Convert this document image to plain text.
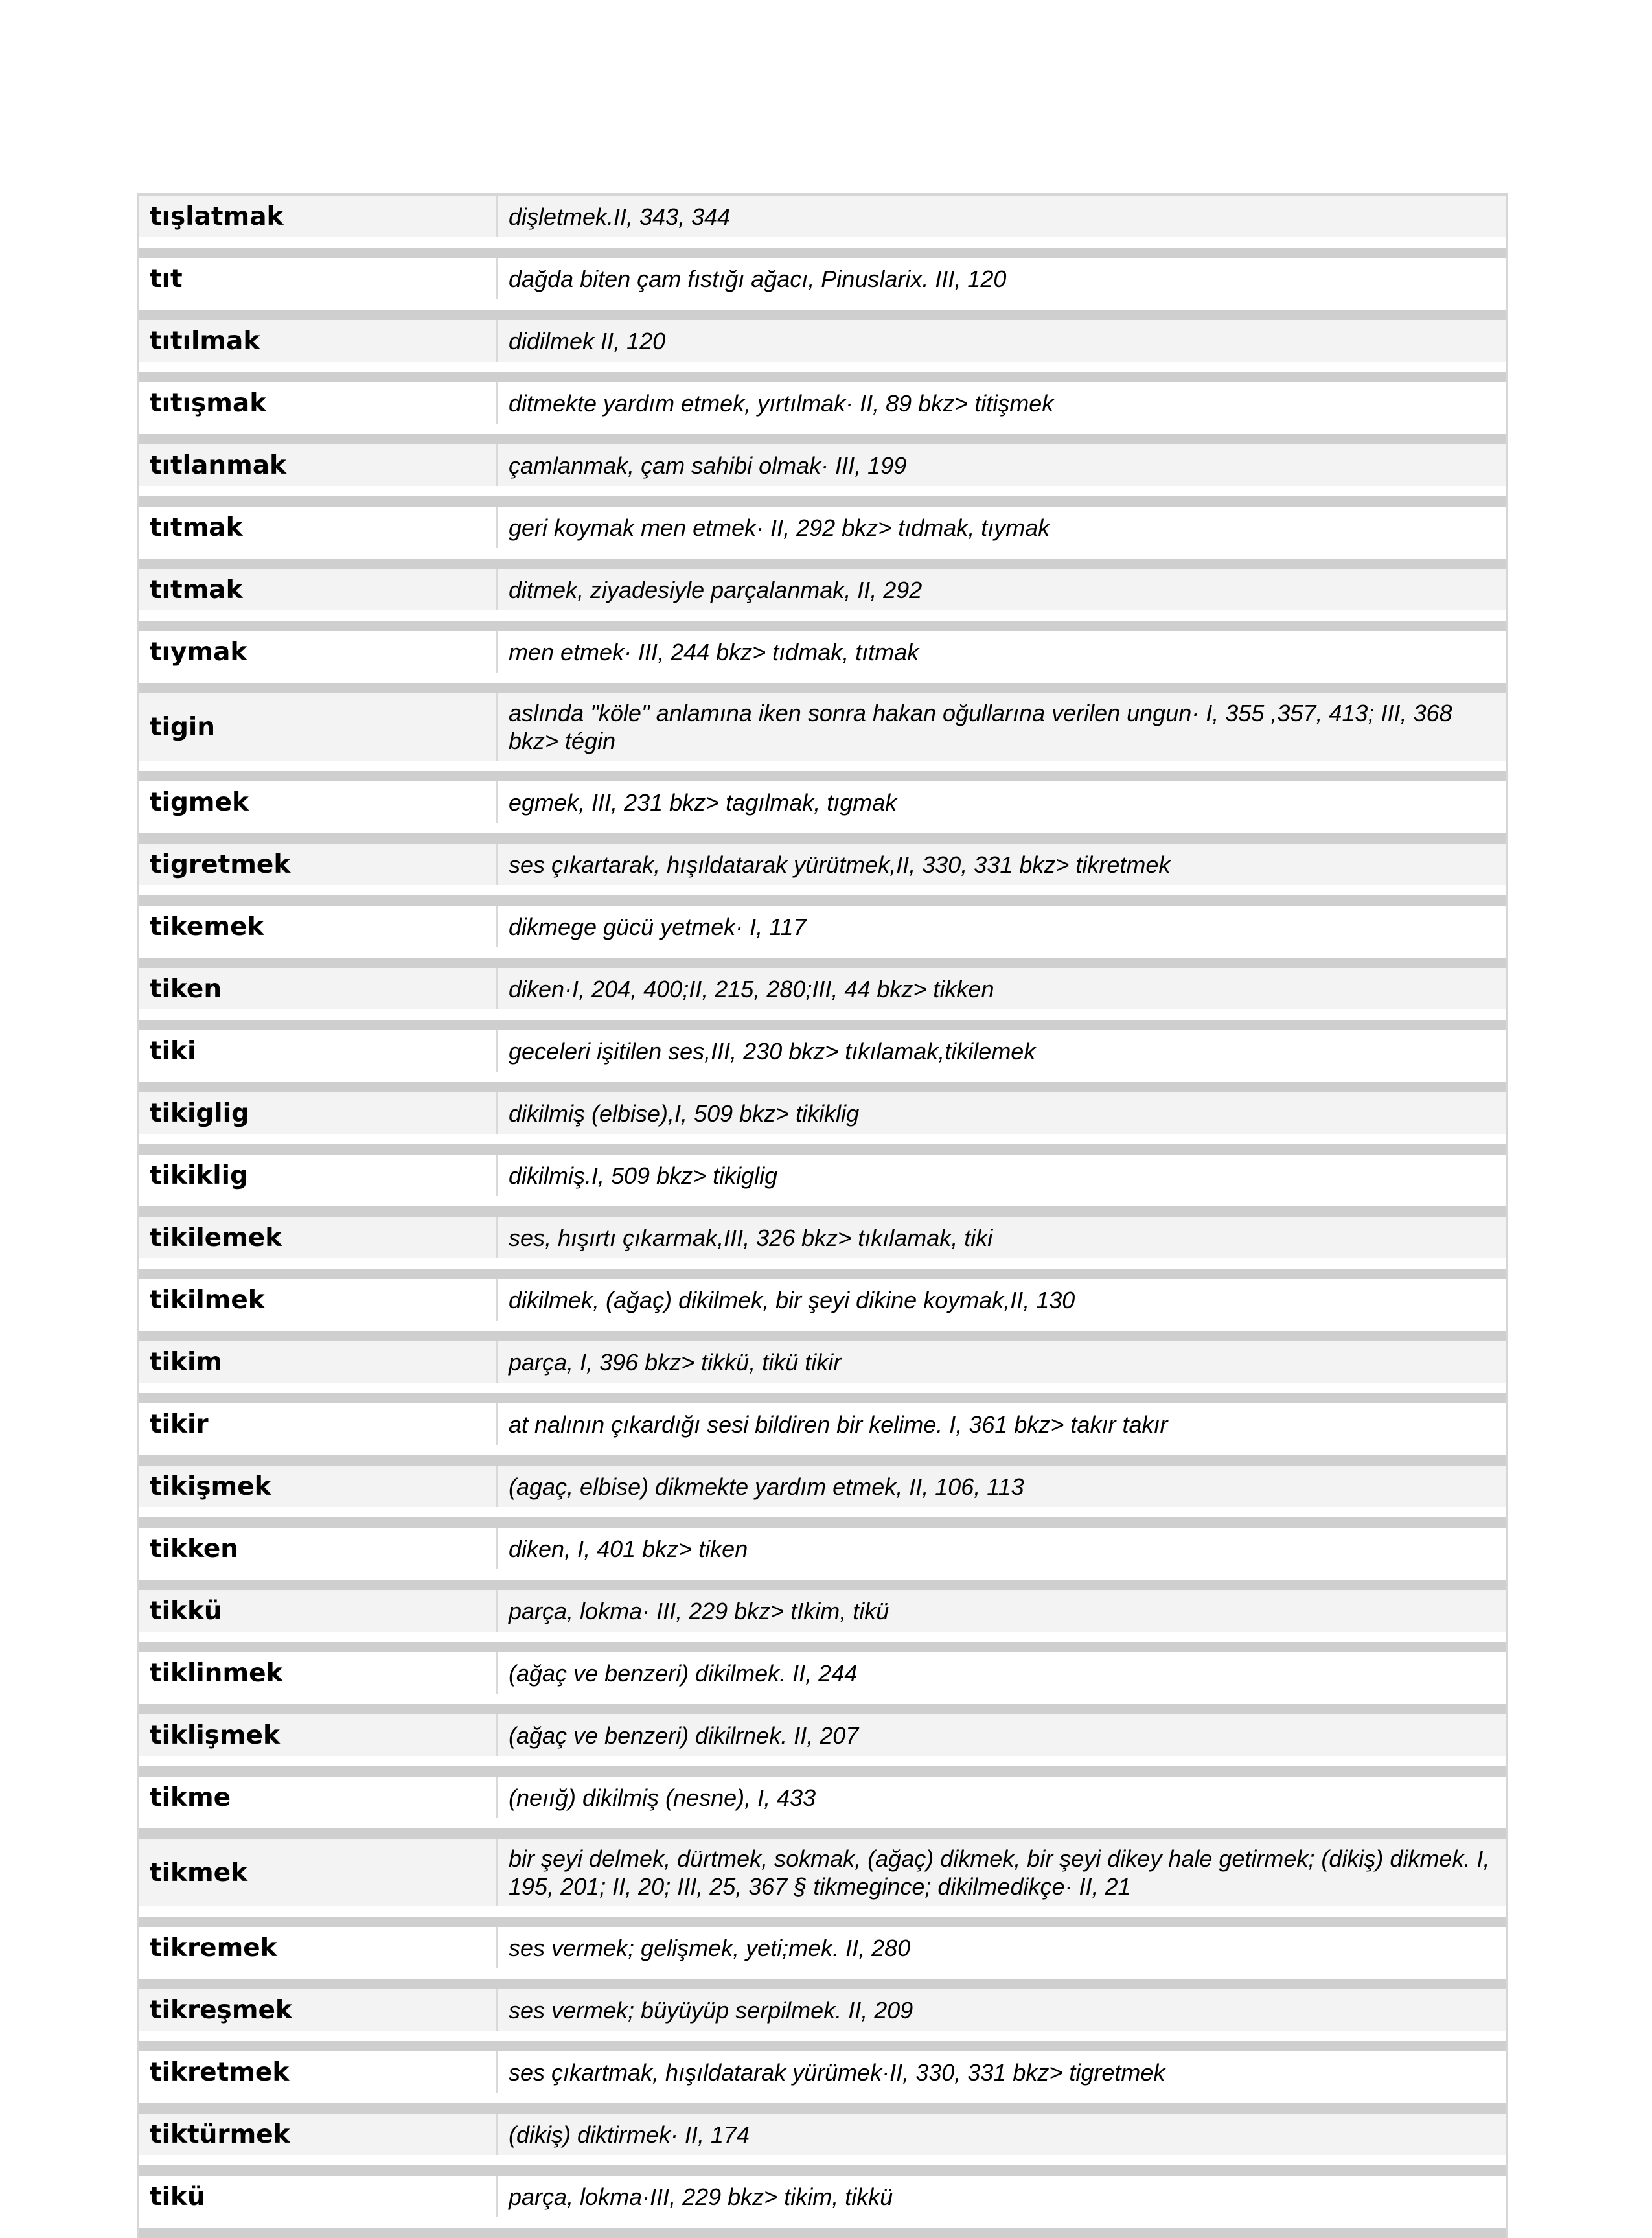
tışlatmak	dişletmek.II, 343, 344
tıt	dağda biten çam fıstığı ağacı, Pinuslarix. III, 120
tıtılmak	didilmek II, 120
tıtışmak	ditmekte yardım etmek, yırtılmak· II, 89 bkz> titişmek
tıtlanmak	çamlanmak, çam sahibi olmak· III, 199
tıtmak	geri koymak men etmek· II, 292 bkz> tıdmak, tıymak
tıtmak	ditmek, ziyadesiyle parçalanmak, II, 292
tıymak	men etmek· III, 244 bkz> tıdmak, tıtmak
tigin	aslında "köle" anlamına iken sonra hakan oğullarına verilen ungun· I, 355 ,357, 413; III, 368 bkz> tégin
tigmek	egmek, III, 231 bkz> tagılmak, tıgmak
tigretmek	ses çıkartarak, hışıldatarak yürütmek,II, 330, 331 bkz> tikretmek
tikemek	dikmege gücü yetmek· I, 117
tiken	diken·I, 204, 400;II, 215, 280;III, 44 bkz> tikken
tiki	geceleri işitilen ses,III, 230 bkz> tıkılamak,tikilemek
tikiglig	dikilmiş (elbise),I, 509 bkz> tikiklig
tikiklig	dikilmiş.I, 509 bkz> tikiglig
tikilemek	ses, hışırtı çıkarmak,III, 326 bkz> tıkılamak, tiki
tikilmek	dikilmek, (ağaç) dikilmek, bir şeyi dikine koymak,II, 130
tikim	parça, I, 396 bkz> tikkü, tikü tikir
tikir	at nalının çıkardığı sesi bildiren bir kelime. I, 361 bkz> takır takır
tikişmek	(agaç, elbise) dikmekte yardım etmek, II, 106, 113
tikken	diken, I, 401 bkz> tiken
tikkü	parça, lokma· III, 229 bkz> tIkim, tikü
tiklinmek	(ağaç ve benzeri) dikilmek. II, 244
tiklişmek	(ağaç ve benzeri) dikilrnek. II, 207
tikme	(neıığ) dikilmiş (nesne), I, 433
tikmek	bir şeyi delmek, dürtmek, sokmak, (ağaç) dikmek, bir şeyi dikey hale getirmek; (dikiş) dikmek. I, 195, 201; II, 20; III, 25, 367 § tikmegince; dikilmedikçe· II, 21
tikremek	ses vermek; gelişmek, yeti;mek. II, 280
tikreşmek	ses vermek; büyüyüp serpilmek. II, 209
tikretmek	ses çıkartmak, hışıldatarak yürümek·II, 330, 331 bkz> tigretmek
tiktürmek	(dikiş) diktirmek· II, 174
tikü	parça, lokma·III, 229 bkz> tikim, tikkü
